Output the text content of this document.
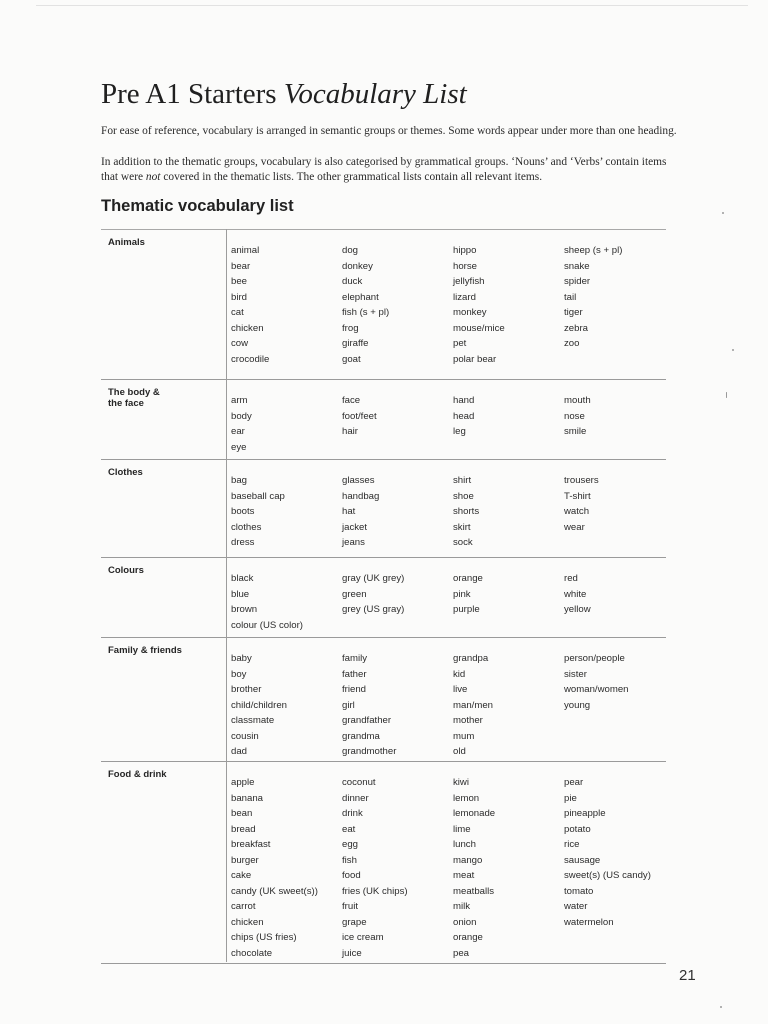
Pre A1 Starters Vocabulary List

For ease of reference, vocabulary is arranged in semantic groups or themes. Some words appear under more than one heading.

In addition to the thematic groups, vocabulary is also categorised by grammatical groups. ‘Nouns’ and ‘Verbs’ contain items that were not covered in the thematic lists. The other grammatical lists contain all relevant items.

Thematic vocabulary list
Animals
animal
bear
bee
bird
cat
chicken
cow
crocodile
dog
donkey
duck
elephant
fish (s + pl)
frog
giraffe
goat
hippo
horse
jellyfish
lizard
monkey
mouse/mice
pet
polar bear
sheep (s + pl)
snake
spider
tail
tiger
zebra
zoo
The body & the face	arm
body
ear
eye
face
foot/feet
hair
hand
head
leg
mouth
nose
smile
Clothes
bag
baseball cap
boots
clothes
dress
glasses
handbag
hat
jacket
jeans
shirt
shoe
shorts
skirt
sock
trousers
T-shirt
watch
wear
Colours
black
blue
brown
colour (US color)
gray (UK grey)
green
grey (US gray)
orange
pink
purple
red
white
yellow
Family & friends
baby
boy
brother
child/children
classmate
cousin
dad
family
father
friend
girl
grandfather
grandma
grandmother
grandpa
kid
live
man/men
mother
mum
old
person/people
sister
woman/women
young
Food & drink
apple
banana
bean
bread
breakfast
burger
cake
candy (UK sweet(s))
carrot
chicken
chips (US fries)
chocolate
coconut
dinner
drink
eat
egg
fish
food
fries (UK chips)
fruit
grape
ice cream
juice
kiwi
lemon
lemonade
lime
lunch
mango
meat
meatballs
milk
onion
orange
pea
pear
pie
pineapple
potato
rice
sausage
sweet(s) (US candy)
tomato
water
watermelon
21
